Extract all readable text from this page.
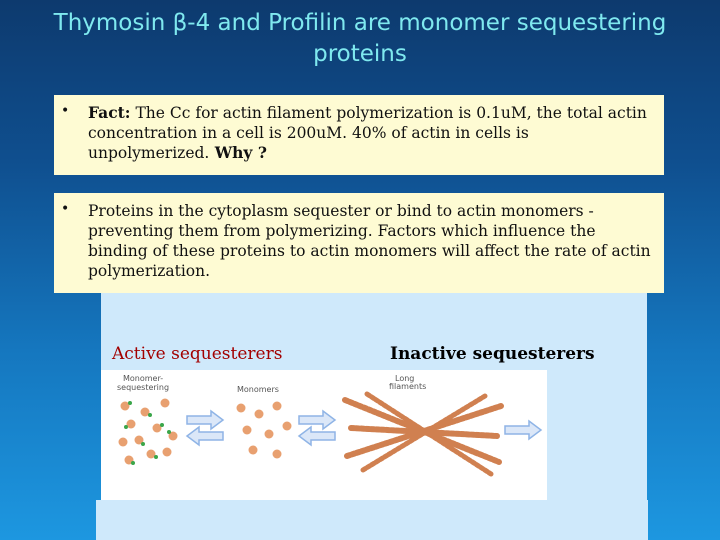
Thymosin β-4 and Profilin are monomer sequestering proteins
• Fact: The Cc for actin filament polymerization is 0.1uM, the total actin concentration in a cell is 200uM. 40% of actin in cells is unpolymerized. Why ?
• Proteins in the cytoplasm sequester or bind to actin monomers - preventing them from polymerizing. Factors which influence the binding of these proteins to actin monomers will affect the rate of actin polymerization.
Active sequesterers	Inactive sequesterers
Monomer-
sequestering	Monomers
Long
filaments
